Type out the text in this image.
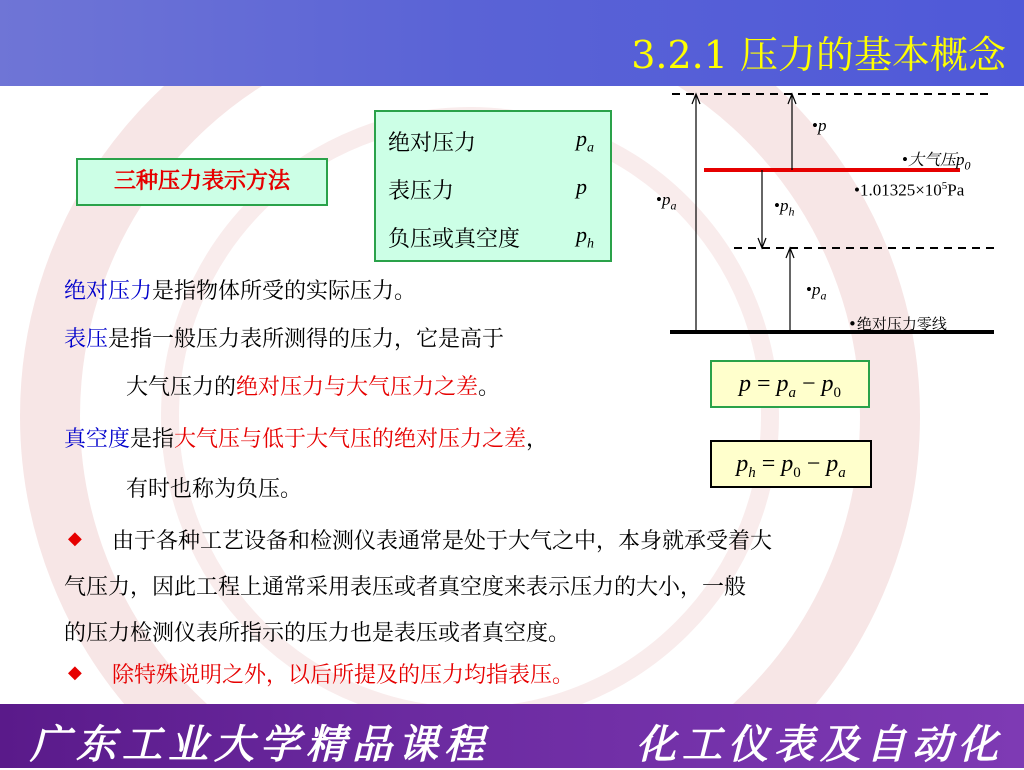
3.2.1 压力的基本概念
三种压力表示方法
绝对压力	$p_a$
表压力	p
负压或真空度	$p_h$
绝对压力是指物体所受的实际压力。
表压是指一般压力表所测得的压力，它是高于
大气压力的绝对压力与大气压力之差。
真空度是指大气压与低于大气压的绝对压力之差，
有时也称为负压。
◆ 由于各种工艺设备和检测仪表通常是处于大气之中，本身就承受着大
气压力，因此工程上通常采用表压或者真空度来表示压力的大小，一般
的压力检测仪表所指示的压力也是表压或者真空度。
◆ 除特殊说明之外，以后所提及的压力均指表压。
•p
•大气压$p_0$
$•1.01325\times 10^5Pa$
$•p_a$	$•p_h$
$•p_a$
•绝对压力零线
$p = p_a - p_0$
$p_h = p_0 - p_a$
广东工业大学精品课程	化工仪表及自动化
